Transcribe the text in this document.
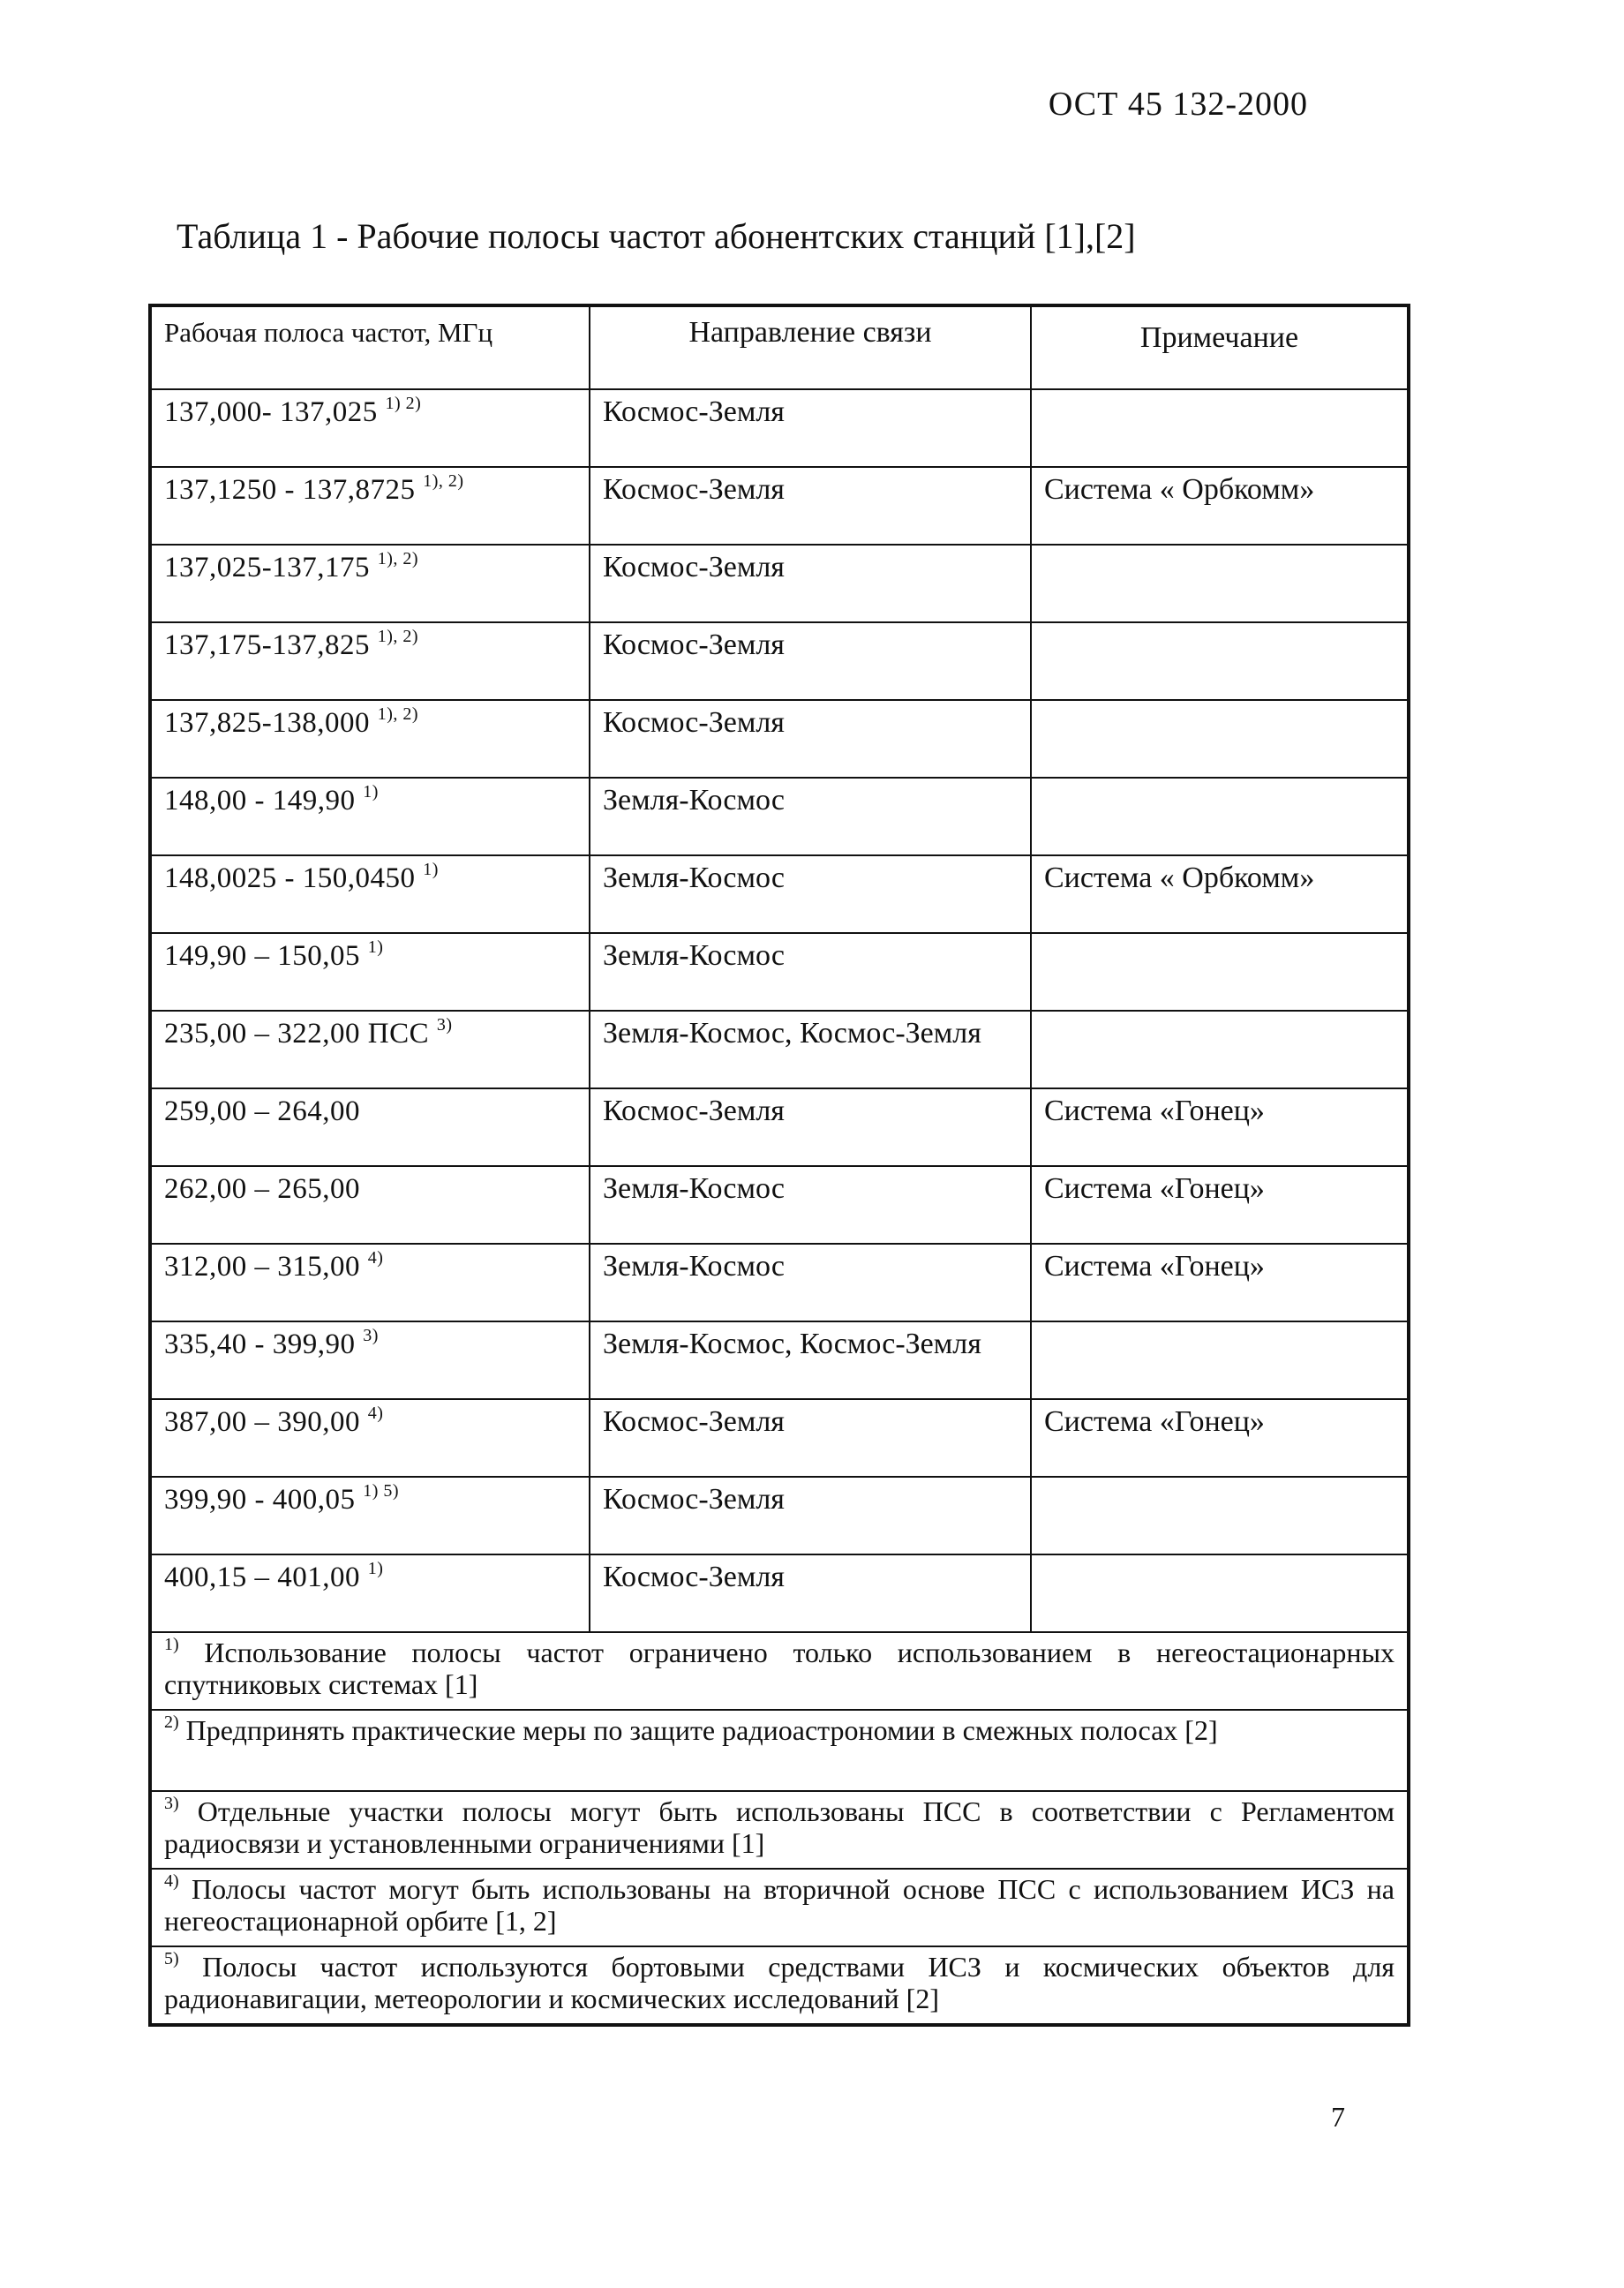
ОСТ 45 132-2000
Таблица 1 - Рабочие полосы частот абонентских станций [1],[2]
Рабочая полоса частот, МГц	Направление связи	Примечание
137,000- 137,025 $^{1) 2)}$	Космос-Земля	
137,1250 - 137,8725 $^{1), 2)}$	Космос-Земля	Система « Орбкомм»
137,025-137,175 $^{1), 2)}$	Космос-Земля	
137,175-137,825 $^{1), 2)}$	Космос-Земля	
137,825-138,000 $^{1), 2)}$	Космос-Земля	
148,00 - 149,90 $^{1)}$	Земля-Космос	
148,0025 - 150,0450 $^{1)}$	Земля-Космос	Система « Орбкомм»
149,90 – 150,05 $^{1)}$	Земля-Космос	
235,00 – 322,00 ПСС $^{3)}$	Земля-Космос, Космос-Земля	
259,00 – 264,00	Космос-Земля	Система «Гонец»
262,00 – 265,00	Земля-Космос	Система «Гонец»
312,00 – 315,00 $^{4)}$	Земля-Космос	Система «Гонец»
335,40 - 399,90 $^{3)}$	Земля-Космос, Космос-Земля	
387,00 – 390,00 $^{4)}$	Космос-Земля	Система «Гонец»
399,90 - 400,05 $^{1) 5)}$	Космос-Земля	
400,15 – 401,00 $^{1)}$	Космос-Земля	
$^{1)}$ Использование полосы частот ограничено только использованием в негеостационарных спутниковых системах [1]		
$^{2)}$ Предпринять практические меры по защите радиоастрономии в смежных полосах [2]		
$^{3)}$ Отдельные участки полосы могут быть использованы ПСС в соответствии с Регламентом радиосвязи и установленными ограничениями [1]		
$^{4)}$ Полосы частот могут быть использованы на вторичной основе ПСС с использованием ИСЗ на негеостационарной орбите [1, 2]		
$^{5)}$ Полосы частот используются бортовыми средствами ИСЗ и космических объектов для радионавигации, метеорологии и космических исследований [2]		
7
